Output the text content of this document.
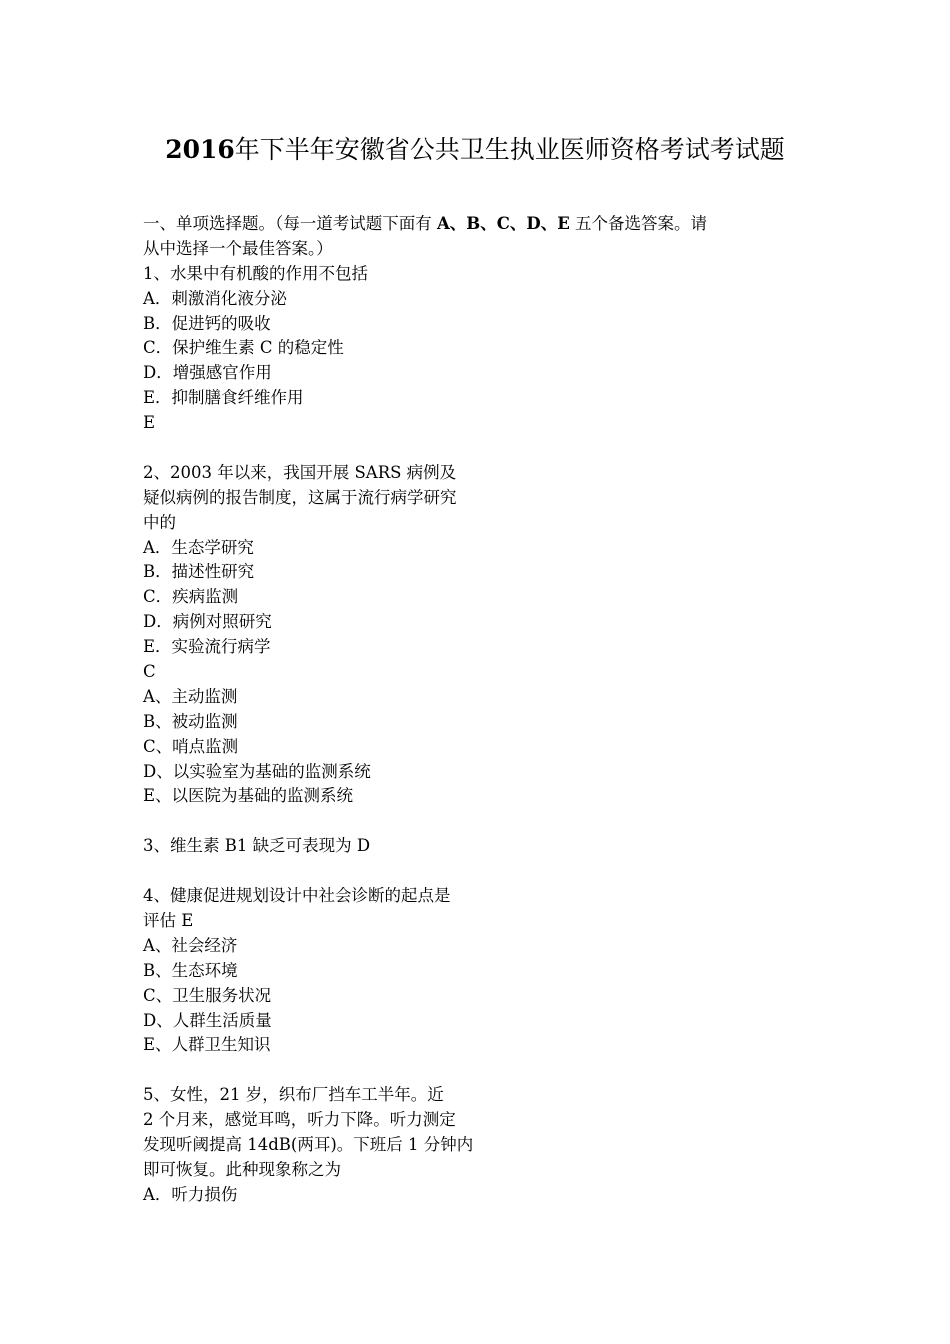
2016年下半年安徽省公共卫生执业医师资格考试考试题
一、单项选择题。（每一道考试题下面有 A、B、C、D、E 五个备选答案。请
从中选择一个最佳答案。）
1、水果中有机酸的作用不包括
A．刺激消化液分泌
B．促进钙的吸收
C．保护维生素 C 的稳定性
D．增强感官作用
E．抑制膳食纤维作用
E
2、2003 年以来，我国开展 SARS 病例及
疑似病例的报告制度，这属于流行病学研究
中的
A．生态学研究
B．描述性研究
C．疾病监测
D．病例对照研究
E．实验流行病学
C
A、主动监测
B、被动监测
C、哨点监测
D、以实验室为基础的监测系统
E、以医院为基础的监测系统
3、维生素 B1 缺乏可表现为 D
4、健康促进规划设计中社会诊断的起点是
评估 E
A、社会经济
B、生态环境
C、卫生服务状况
D、人群生活质量
E、人群卫生知识
5、女性，21 岁，织布厂挡车工半年。近
2 个月来，感觉耳鸣，听力下降。听力测定
发现听阈提高 14dB(两耳)。下班后 1 分钟内
即可恢复。此种现象称之为
A．听力损伤
